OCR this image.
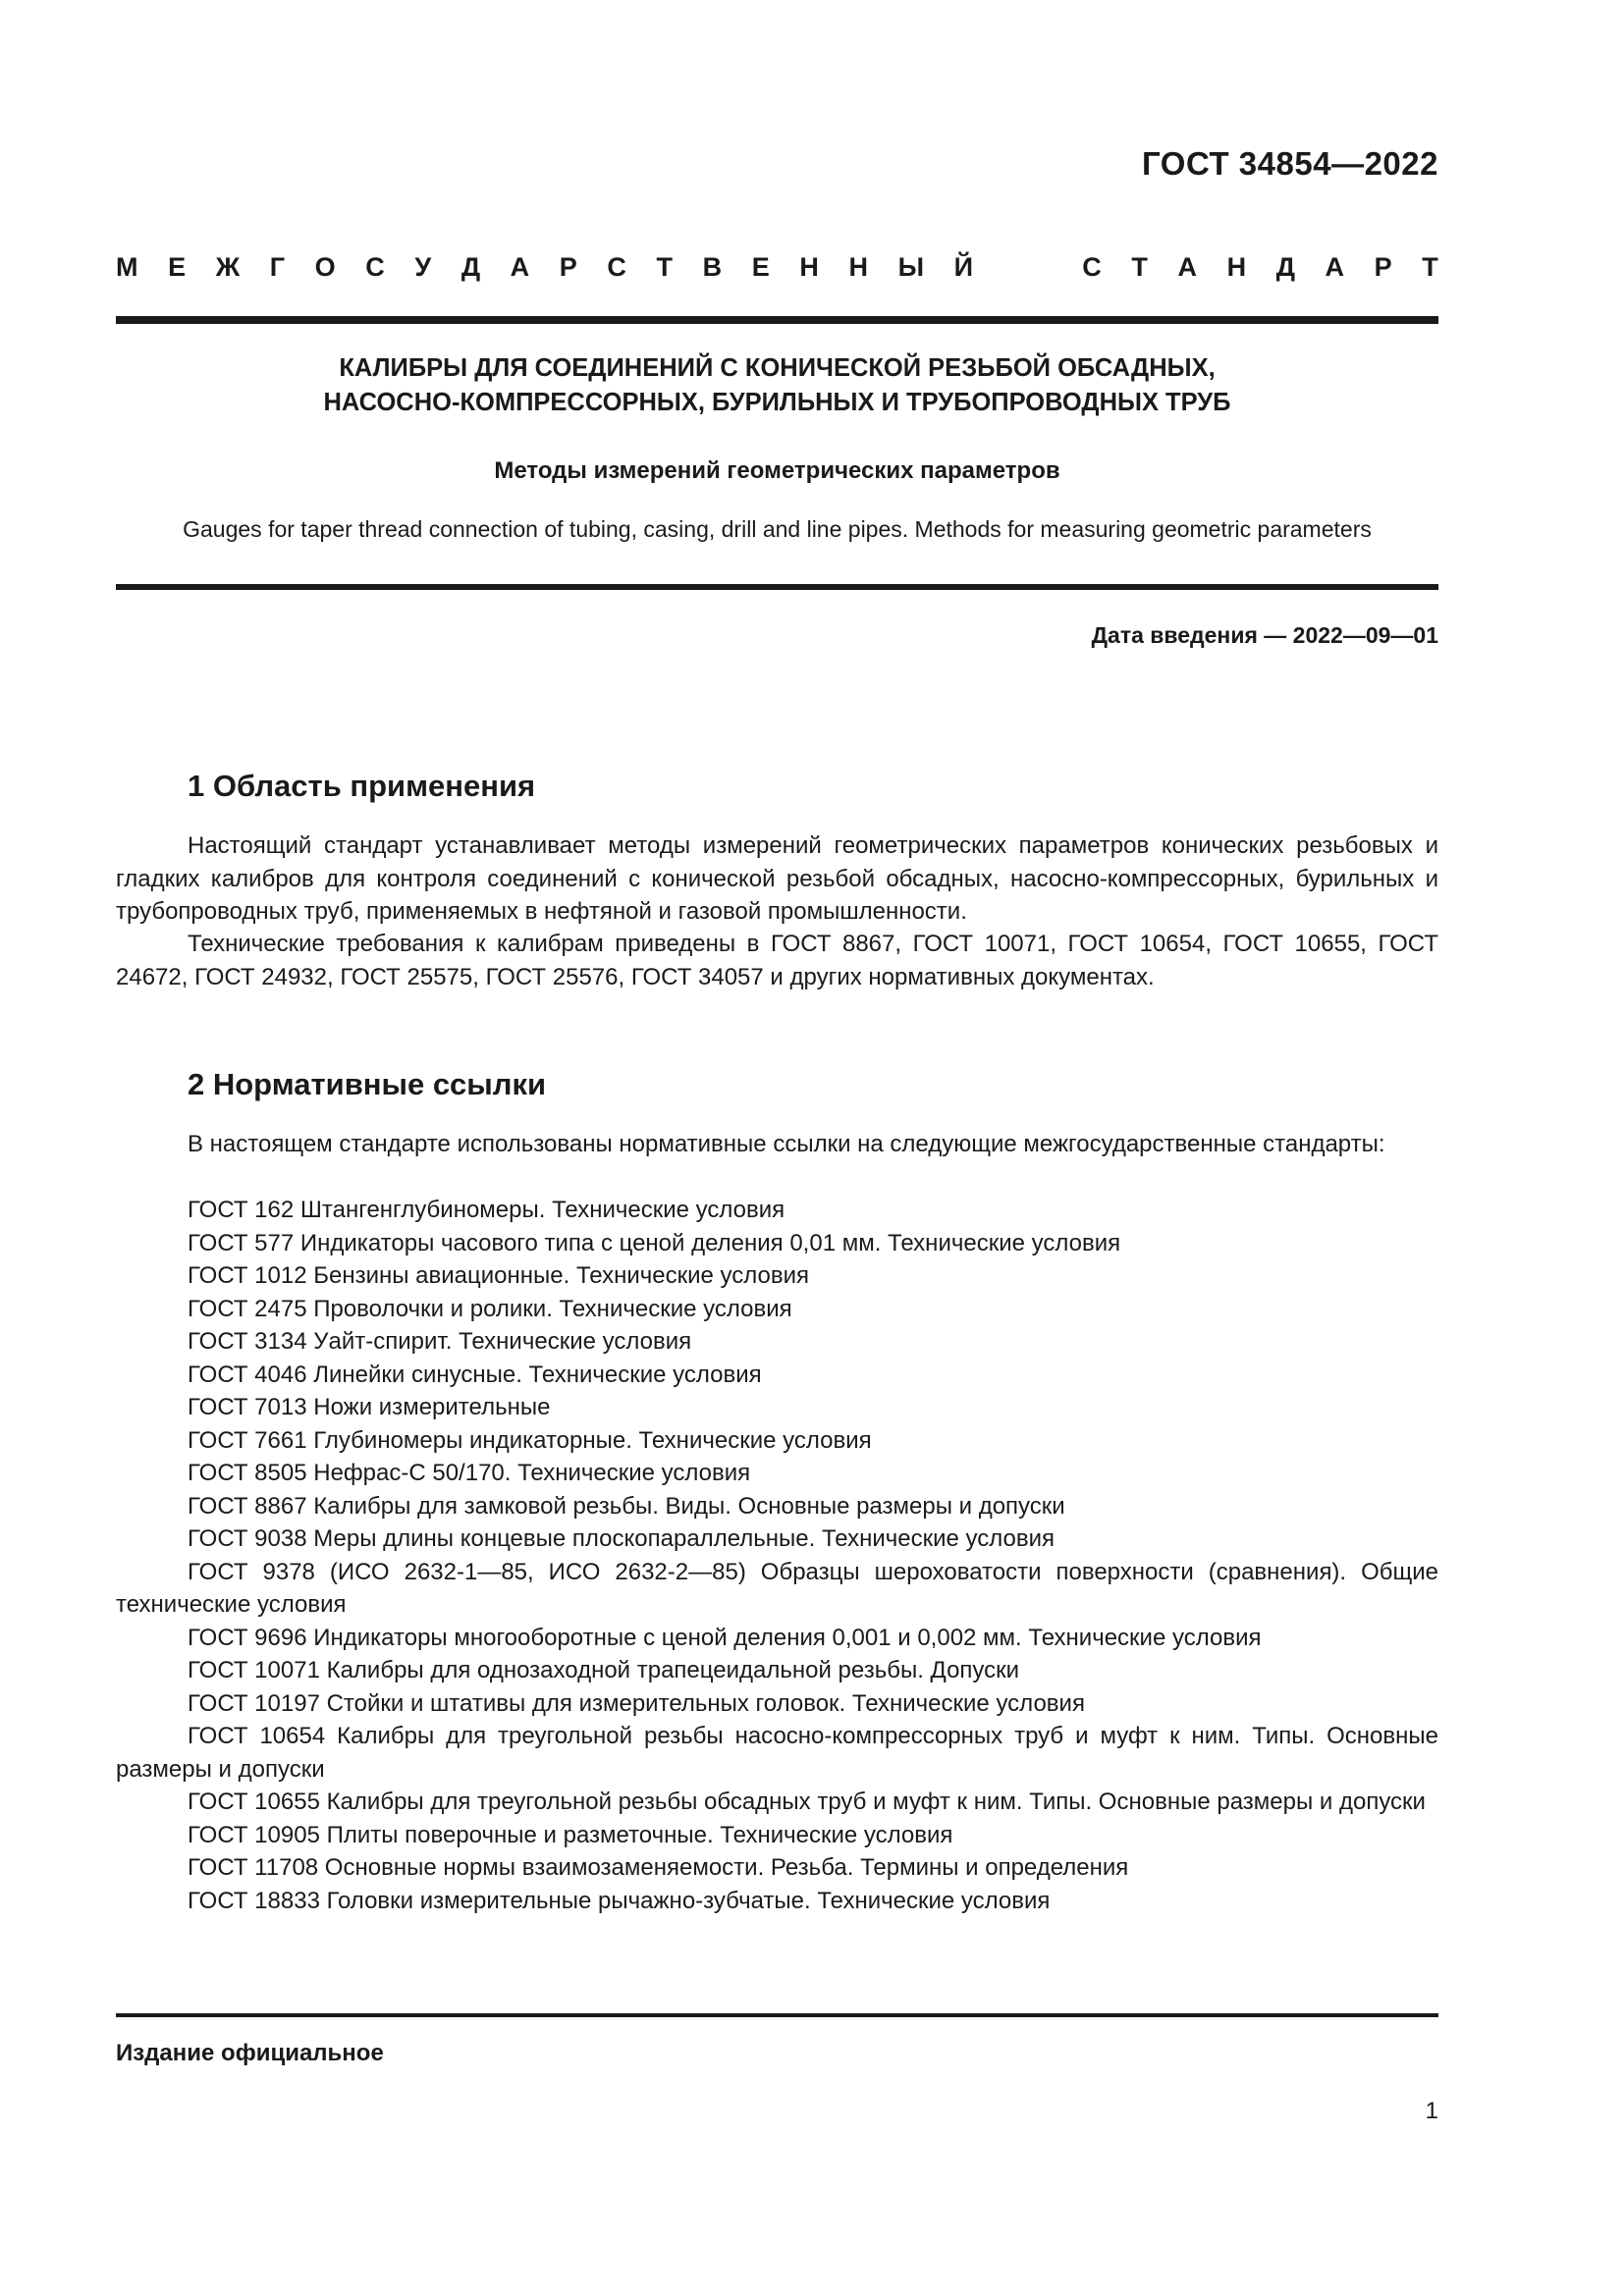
ГОСТ 34854—2022
М Е Ж Г О С У Д А Р С Т В Е Н Н Ы Й	С Т А Н Д А Р Т
КАЛИБРЫ ДЛЯ СОЕДИНЕНИЙ С КОНИЧЕСКОЙ РЕЗЬБОЙ ОБСАДНЫХ,
НАСОСНО-КОМПРЕССОРНЫХ, БУРИЛЬНЫХ И ТРУБОПРОВОДНЫХ ТРУБ
Методы измерений геометрических параметров
Gauges for taper thread connection of tubing, casing, drill and line pipes. Methods for measuring geometric parameters
Дата введения — 2022—09—01
1 Область применения
Настоящий стандарт устанавливает методы измерений геометрических параметров конических резьбовых и гладких калибров для контроля соединений с конической резьбой обсадных, насосно-компрессорных, бурильных и трубопроводных труб, применяемых в нефтяной и газовой промышленности.
Технические требования к калибрам приведены в ГОСТ 8867, ГОСТ 10071, ГОСТ 10654, ГОСТ 10655, ГОСТ 24672, ГОСТ 24932, ГОСТ 25575, ГОСТ 25576, ГОСТ 34057 и других нормативных документах.
2 Нормативные ссылки
В настоящем стандарте использованы нормативные ссылки на следующие межгосударственные стандарты:
ГОСТ 162 Штангенглубиномеры. Технические условия
ГОСТ 577 Индикаторы часового типа с ценой деления 0,01 мм. Технические условия
ГОСТ 1012 Бензины авиационные. Технические условия
ГОСТ 2475 Проволочки и ролики. Технические условия
ГОСТ 3134 Уайт-спирит. Технические условия
ГОСТ 4046 Линейки синусные. Технические условия
ГОСТ 7013 Ножи измерительные
ГОСТ 7661 Глубиномеры индикаторные. Технические условия
ГОСТ 8505 Нефрас-С 50/170. Технические условия
ГОСТ 8867 Калибры для замковой резьбы. Виды. Основные размеры и допуски
ГОСТ 9038 Меры длины концевые плоскопараллельные. Технические условия
ГОСТ 9378 (ИСО 2632-1—85, ИСО 2632-2—85) Образцы шероховатости поверхности (сравнения). Общие технические условия
ГОСТ 9696 Индикаторы многооборотные с ценой деления 0,001 и 0,002 мм. Технические условия
ГОСТ 10071 Калибры для однозаходной трапецеидальной резьбы. Допуски
ГОСТ 10197 Стойки и штативы для измерительных головок. Технические условия
ГОСТ 10654 Калибры для треугольной резьбы насосно-компрессорных труб и муфт к ним. Типы. Основные размеры и допуски
ГОСТ 10655 Калибры для треугольной резьбы обсадных труб и муфт к ним. Типы. Основные размеры и допуски
ГОСТ 10905 Плиты поверочные и разметочные. Технические условия
ГОСТ 11708 Основные нормы взаимозаменяемости. Резьба. Термины и определения
ГОСТ 18833 Головки измерительные рычажно-зубчатые. Технические условия
Издание официальное
1
